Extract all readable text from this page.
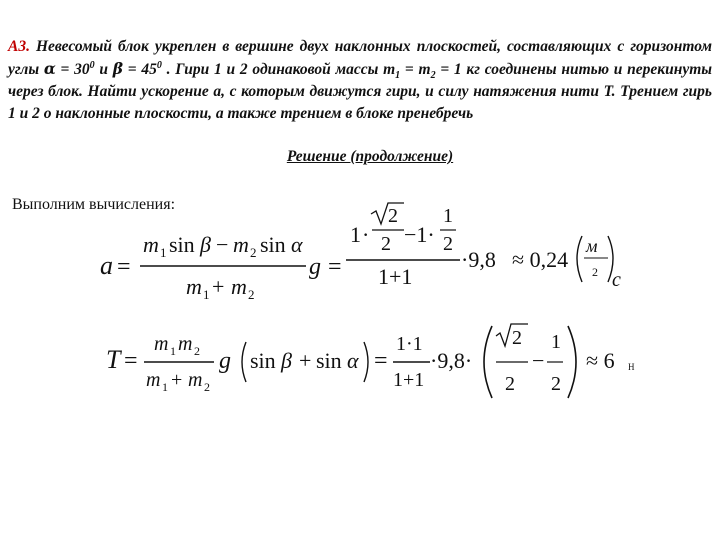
А3. Невесомый блок укреплен в вершине двух наклонных плоскостей, составляющих с горизонтом углы $\alpha = 30^0$ и $\beta = 45^0$ . Гири 1 и 2 одинаковой массы $m_1 = m_2 = 1$ кг соединены нитью и перекинуты через блок. Найти ускорение a, с которым движутся гири, и силу натяжения нити T. Трением гирь 1 и 2 о наклонные плоскости, а также трением в блоке пренебречь
Решение (продолжение)
Выполним вычисления:
a =
m 1 sin β − m 2 sin α
m 1 + m 2
g =
1 ·
2
2 −1·
1
2
1+1
·9,8 ≈ 0,24
м
2 с
T =
m 1 m 2
m 1 + m 2
g sin β + sin α =
1·1
1+1
·9,8·
2
2
−
1
2
≈ 6 Н
